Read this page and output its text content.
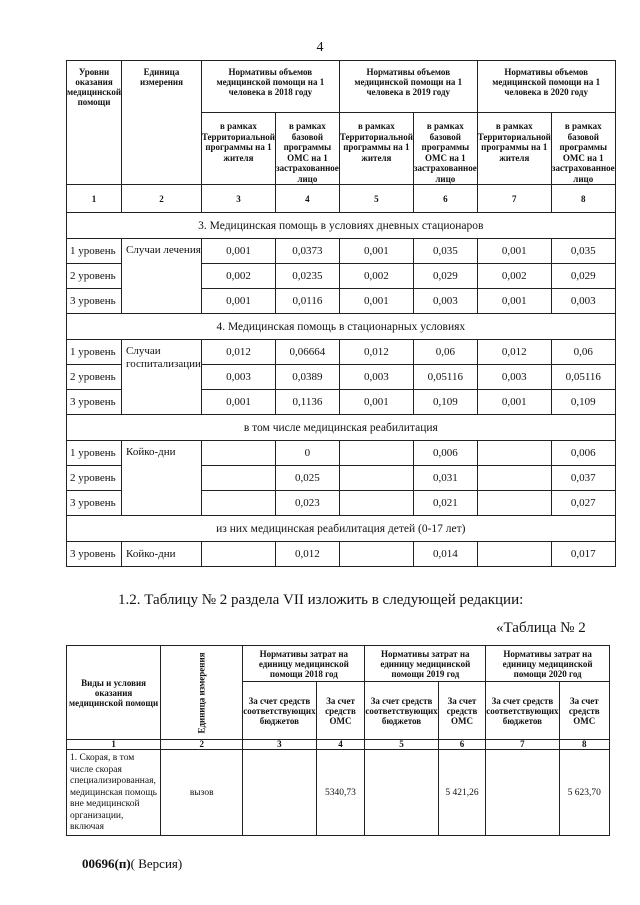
4
Уровни оказания медицинской помощи	Единица измерения	Нормативы объемов медицинской помощи на 1 человека в 2018 году		Нормативы объемов медицинской помощи на 1 человека в 2019 году		Нормативы объемов медицинской помощи на 1 человека в 2020 году	
		в рамках Территориальной программы на 1 жителя	в рамках базовой программы ОМС на 1 застрахованное лицо	в рамках Территориальной программы на 1 жителя	в рамках базовой программы ОМС на 1 застрахованное лицо	в рамках Территориальной программы на 1 жителя	в рамках базовой программы ОМС на 1 застрахованное лицо
1	2	3	4	5	6	7	8
3. Медицинская помощь в условиях дневных стационаров							
1 уровень	Случаи лечения	0,001	0,0373	0,001	0,035	0,001	0,035
2 уровень		0,002	0,0235	0,002	0,029	0,002	0,029
3 уровень		0,001	0,0116	0,001	0,003	0,001	0,003
4. Медицинская помощь в стационарных условиях							
1 уровень	Случаи госпитализации	0,012	0,06664	0,012	0,06	0,012	0,06
2 уровень		0,003	0,0389	0,003	0,05116	0,003	0,05116
3 уровень		0,001	0,1136	0,001	0,109	0,001	0,109
в том числе медицинская реабилитация							
1 уровень	Койко-дни		0		0,006		0,006
2 уровень			0,025		0,031		0,037
3 уровень			0,023		0,021		0,027
из них медицинская реабилитация детей (0-17 лет)							
3 уровень	Койко-дни		0,012		0,014		0,017
1.2. Таблицу № 2 раздела VII изложить в следующей редакции:
«Таблица № 2
Виды и условия оказания медицинской помощи	Единица измерения	Нормативы затрат на единицу медицинской помощи 2018 год		Нормативы затрат на единицу медицинской помощи 2019 год		Нормативы затрат на единицу медицинской помощи 2020 год	
		За счет средств соответствующих бюджетов	За счет средств ОМС	За счет средств соответствующих бюджетов	За счет средств ОМС	За счет средств соответствующих бюджетов	За счет средств ОМС
1	2	3	4	5	6	7	8
1. Скорая, в том числе скорая специализированная, медицинская помощь вне медицинской организации, включая	вызов		5340,73		5 421,26		5 623,70
00696(п)( Версия)
